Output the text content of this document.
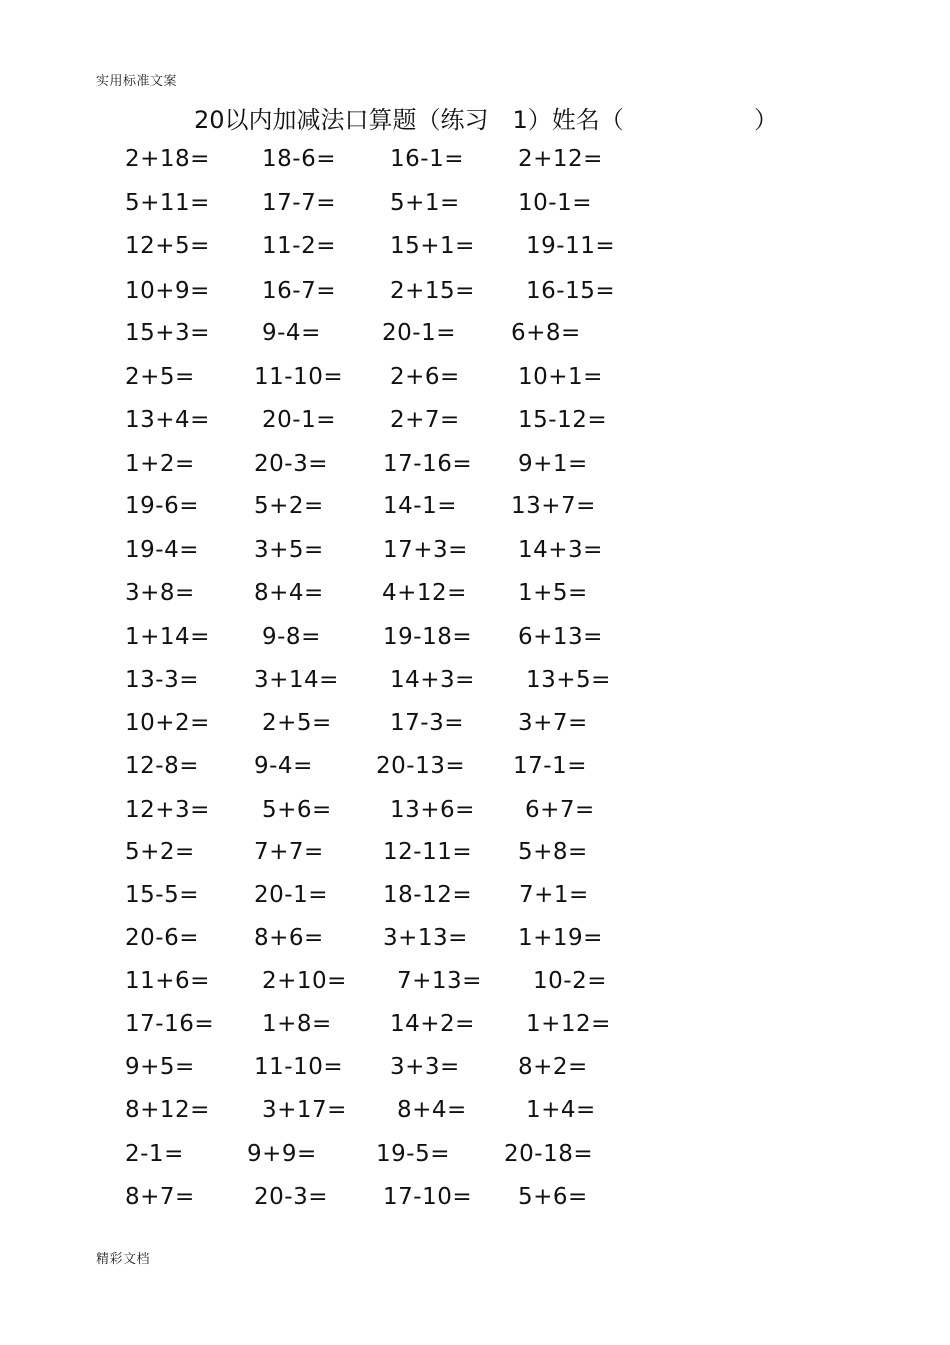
实用标准文案
20以内加减法口算题（练习　1）姓名（	）
2+18= 18-6= 16-1= 2+12=
5+11= 17-7= 5+1=	10-1=
12+5= 11-2= 15+1= 19-11=
10+9= 16-7= 2+15= 16-15=
15+3= 9-4=	20-1= 6+8=
2+5=	11-10= 2+6=	10+1=
13+4= 20-1= 2+7=	15-12=
1+2=	20-3= 17-16= 9+1=
19-6= 5+2=	14-1= 13+7=
19-4= 3+5=	17+3= 14+3=
3+8=	8+4=	4+12= 1+5=
1+14= 9-8=	19-18= 6+13=
13-3= 3+14= 14+3= 13+5=
10+2= 2+5=	17-3= 3+7=
12-8= 9-4=	20-13= 17-1=
12+3= 5+6=	13+6= 6+7=
5+2=	7+7=	12-11= 5+8=
15-5= 20-1= 18-12= 7+1=
20-6= 8+6=	3+13= 1+19=
11+6= 2+10= 7+13= 10-2=
17-16= 1+8=	14+2= 1+12=
9+5=	11-10= 3+3=	8+2=
8+12= 3+17= 8+4=	1+4=
2-1=	9+9=	19-5= 20-18=
8+7=	20-3= 17-10= 5+6=
精彩文档
